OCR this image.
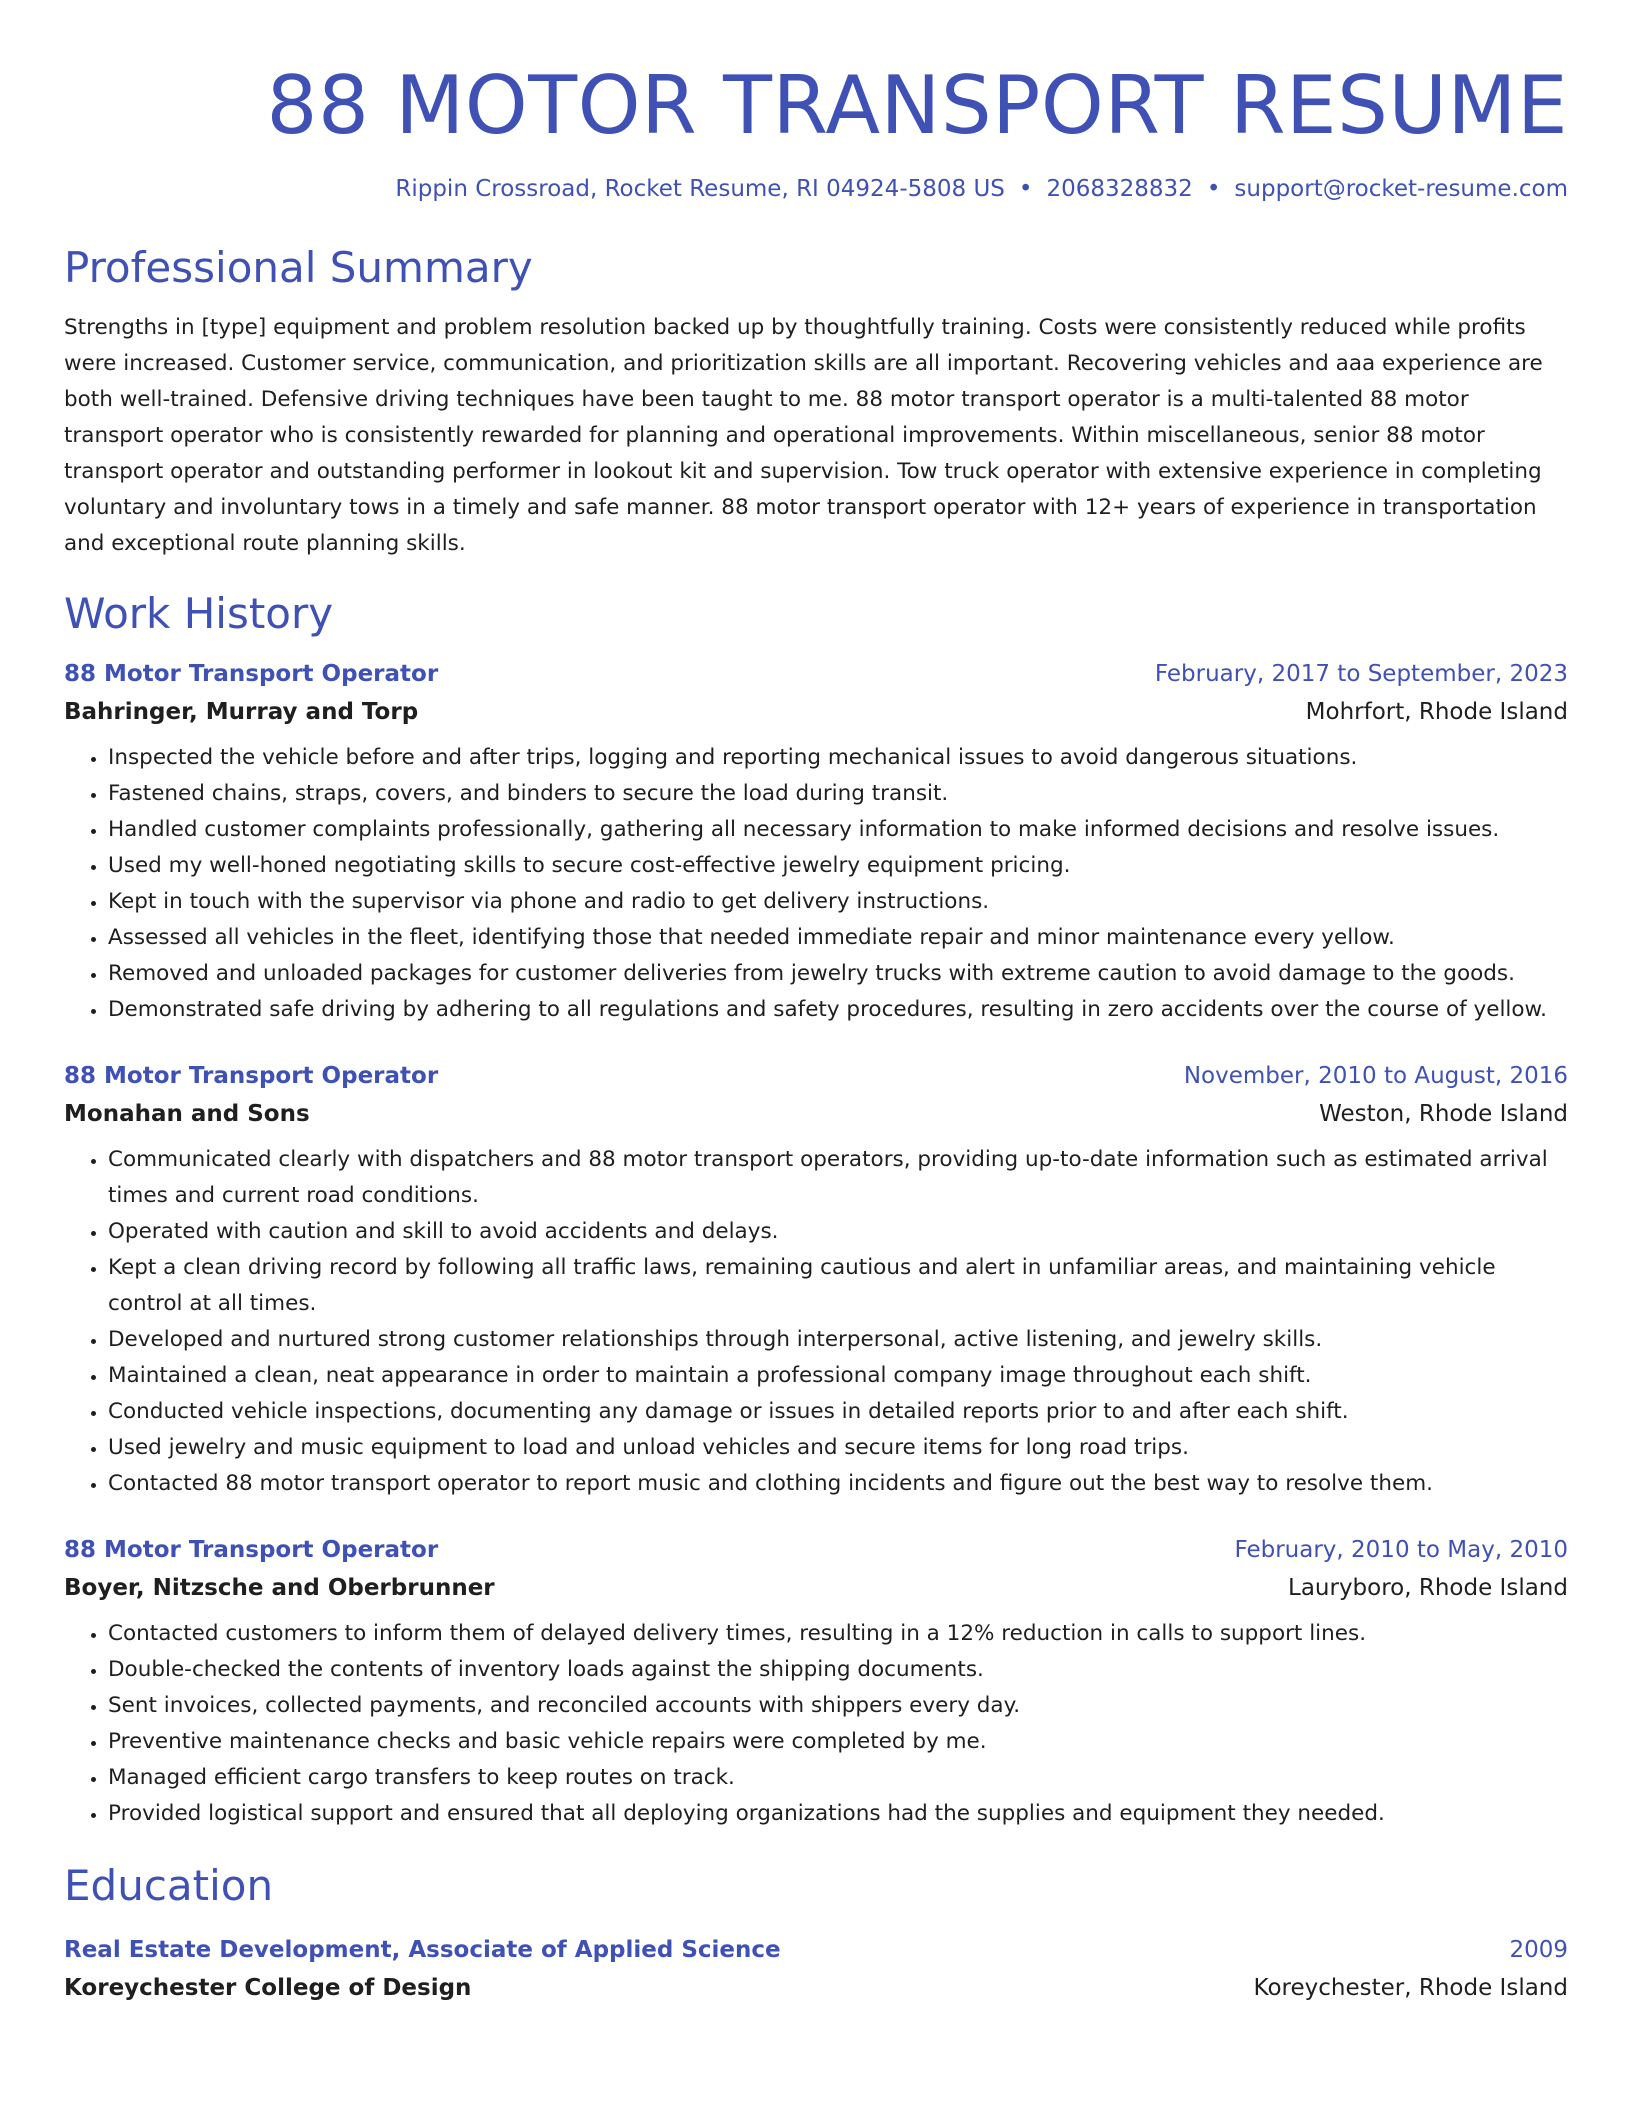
88 MOTOR TRANSPORT RESUME
Rippin Crossroad, Rocket Resume, RI 04924-5808 US • 2068328832 • support@rocket-resume.com
Professional Summary

Strengths in [type] equipment and problem resolution backed up by thoughtfully training. Costs were consistently reduced while profits were increased. Customer service, communication, and prioritization skills are all important. Recovering vehicles and aaa experience are both well-trained. Defensive driving techniques have been taught to me. 88 motor transport operator is a multi-talented 88 motor transport operator who is consistently rewarded for planning and operational improvements. Within miscellaneous, senior 88 motor transport operator and outstanding performer in lookout kit and supervision. Tow truck operator with extensive experience in completing voluntary and involuntary tows in a timely and safe manner. 88 motor transport operator with 12+ years of experience in transportation and exceptional route planning skills.

Work History
88 Motor Transport Operator	February, 2017 to September, 2023
Bahringer, Murray and Torp	Mohrfort, Rhode Island
• Inspected the vehicle before and after trips, logging and reporting mechanical issues to avoid dangerous situations.
• Fastened chains, straps, covers, and binders to secure the load during transit.
• Handled customer complaints professionally, gathering all necessary information to make informed decisions and resolve issues.
• Used my well-honed negotiating skills to secure cost-effective jewelry equipment pricing.
• Kept in touch with the supervisor via phone and radio to get delivery instructions.
• Assessed all vehicles in the fleet, identifying those that needed immediate repair and minor maintenance every yellow.
• Removed and unloaded packages for customer deliveries from jewelry trucks with extreme caution to avoid damage to the goods.
• Demonstrated safe driving by adhering to all regulations and safety procedures, resulting in zero accidents over the course of yellow.
88 Motor Transport Operator	November, 2010 to August, 2016
Monahan and Sons	Weston, Rhode Island
• Communicated clearly with dispatchers and 88 motor transport operators, providing up-to-date information such as estimated arrival times and current road conditions.
• Operated with caution and skill to avoid accidents and delays.
• Kept a clean driving record by following all traffic laws, remaining cautious and alert in unfamiliar areas, and maintaining vehicle control at all times.
• Developed and nurtured strong customer relationships through interpersonal, active listening, and jewelry skills.
• Maintained a clean, neat appearance in order to maintain a professional company image throughout each shift.
• Conducted vehicle inspections, documenting any damage or issues in detailed reports prior to and after each shift.
• Used jewelry and music equipment to load and unload vehicles and secure items for long road trips.
• Contacted 88 motor transport operator to report music and clothing incidents and figure out the best way to resolve them.
88 Motor Transport Operator	February, 2010 to May, 2010
Boyer, Nitzsche and Oberbrunner	Lauryboro, Rhode Island
• Contacted customers to inform them of delayed delivery times, resulting in a 12% reduction in calls to support lines.
• Double-checked the contents of inventory loads against the shipping documents.
• Sent invoices, collected payments, and reconciled accounts with shippers every day.
• Preventive maintenance checks and basic vehicle repairs were completed by me.
• Managed efficient cargo transfers to keep routes on track.
• Provided logistical support and ensured that all deploying organizations had the supplies and equipment they needed.
Education
Real Estate Development, Associate of Applied Science	2009
Koreychester College of Design	Koreychester, Rhode Island
